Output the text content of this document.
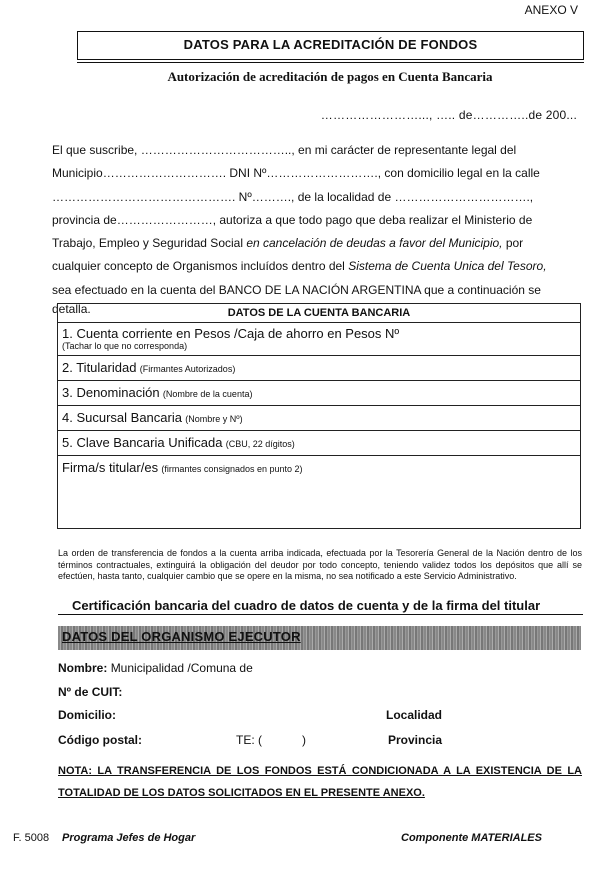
ANEXO V
DATOS PARA LA ACREDITACIÓN DE FONDOS
Autorización de acreditación de pagos en Cuenta Bancaria
……………………..., ….. de…………..de 200...

El que suscribe, ……………………………….., en mi carácter de representante legal del

Municipio…………………………. DNI Nº………………………., con domicilio legal en la calle

………………………………………. Nº………., de la localidad de …………………………….,

provincia de……………………, autoriza a que todo pago que deba realizar el Ministerio de

Trabajo, Empleo y Seguridad Social en cancelación de deudas a favor del Municipio, por

cualquier concepto de Organismos incluídos dentro del Sistema de Cuenta Unica del Tesoro,

sea efectuado en la cuenta del BANCO DE LA NACIÓN ARGENTINA que a continuación se

detalla.	DATOS DE LA CUENTA BANCARIA

1. Cuenta corriente en Pesos /Caja de ahorro en Pesos Nº
(Tachar lo que no corresponda)

2. Titularidad (Firmantes Autorizados)

3. Denominación (Nombre de la cuenta)

4. Sucursal Bancaria (Nombre y Nº)

5. Clave Bancaria Unificada (CBU, 22 dígitos)

Firma/s titular/es (firmantes consignados en punto 2)
La orden de transferencia de fondos a la cuenta arriba indicada, efectuada por la Tesorería General de la Nación dentro de los términos contractuales, extinguirá la obligación del deudor por todo concepto, teniendo validez todos los depósitos que allí se efectúen, hasta tanto, cualquier cambio que se opere en la misma, no sea notificado a este Servicio Administrativo.
Certificación bancaria del cuadro de datos de cuenta y de la firma del titular
DATOS DEL ORGANISMO EJECUTOR
Nombre: Municipalidad /Comuna de
Nº de CUIT:
Domicilio:	Localidad
Código postal:	TE: (	)	Provincia
NOTA: LA TRANSFERENCIA DE LOS FONDOS ESTÁ CONDICIONADA A LA EXISTENCIA DE LA TOTALIDAD DE LOS DATOS SOLICITADOS EN EL PRESENTE ANEXO.
F. 5008 Programa Jefes de Hogar	Componente MATERIALES
